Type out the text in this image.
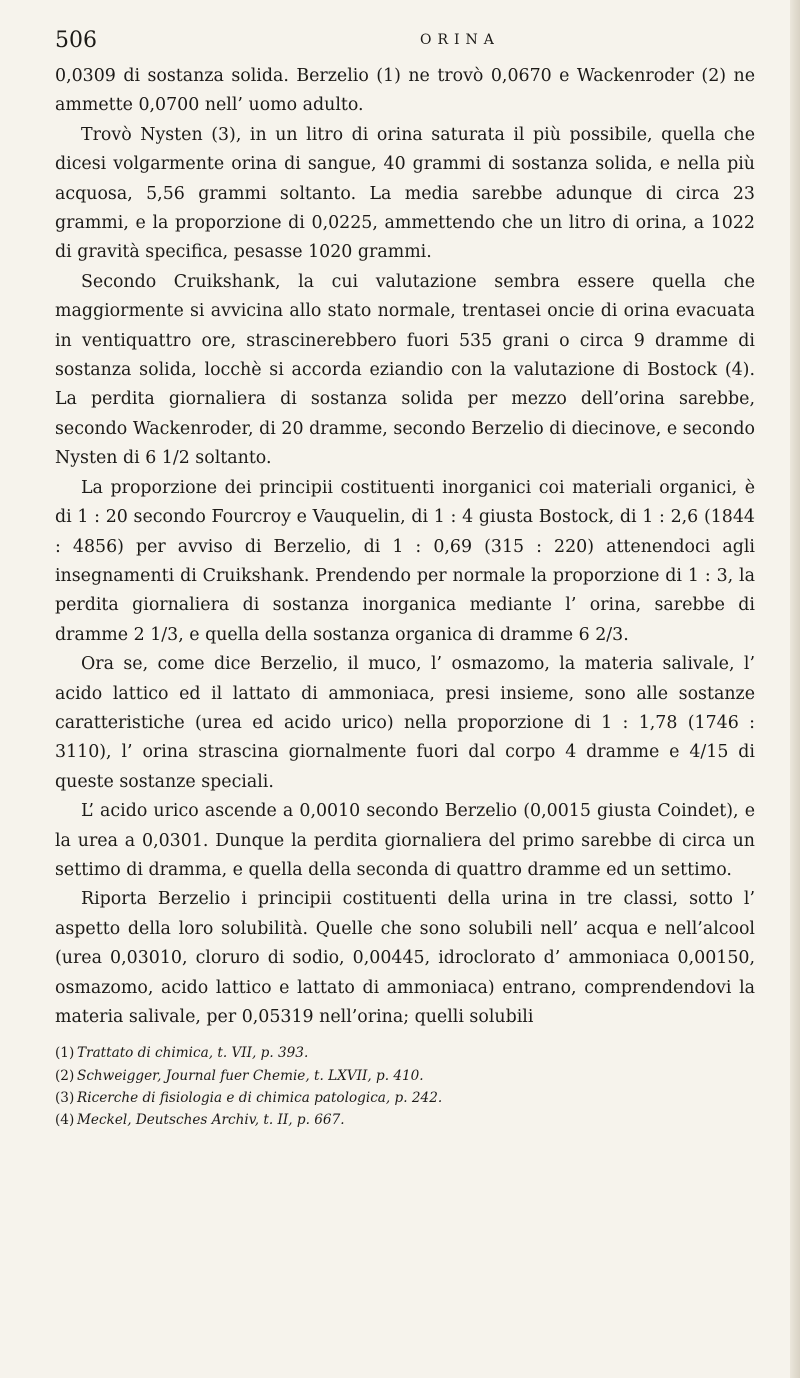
506	ORINA

0,0309 di sostanza solida. Berzelio (1) ne trovò 0,0670 e Wackenroder (2) ne ammette 0,0700 nell’ uomo adulto.

Trovò Nysten (3), in un litro di orina saturata il più possibile, quella che dicesi volgarmente orina di sangue, 40 grammi di sostanza solida, e nella più acquosa, 5,56 grammi soltanto. La media sarebbe adunque di circa 23 grammi, e la proporzione di 0,0225, ammettendo che un litro di orina, a 1022 di gravità specifica, pesasse 1020 grammi.

Secondo Cruikshank, la cui valutazione sembra essere quella che maggiormente si avvicina allo stato normale, trentasei oncie di orina evacuata in ventiquattro ore, strascinerebbero fuori 535 grani o circa 9 dramme di sostanza solida, locchè si accorda eziandio con la valutazione di Bostock (4). La perdita giornaliera di sostanza solida per mezzo dell’orina sarebbe, secondo Wackenroder, di 20 dramme, secondo Berzelio di diecinove, e secondo Nysten di 6 1/2 soltanto.

La proporzione dei principii costituenti inorganici coi materiali organici, è di 1 : 20 secondo Fourcroy e Vauquelin, di 1 : 4 giusta Bostock, di 1 : 2,6 (1844 : 4856) per avviso di Berzelio, di 1 : 0,69 (315 : 220) attenendoci agli insegnamenti di Cruikshank. Prendendo per normale la proporzione di 1 : 3, la perdita giornaliera di sostanza inorganica mediante l’ orina, sarebbe di dramme 2 1/3, e quella della sostanza organica di dramme 6 2/3.

Ora se, come dice Berzelio, il muco, l’ osmazomo, la materia salivale, l’ acido lattico ed il lattato di ammoniaca, presi insieme, sono alle sostanze caratteristiche (urea ed acido urico) nella proporzione di 1 : 1,78 (1746 : 3110), l’ orina strascina giornalmente fuori dal corpo 4 dramme e 4/15 di queste sostanze speciali.

L’ acido urico ascende a 0,0010 secondo Berzelio (0,0015 giusta Coindet), e la urea a 0,0301. Dunque la perdita giornaliera del primo sarebbe di circa un settimo di dramma, e quella della seconda di quattro dramme ed un settimo.

Riporta Berzelio i principii costituenti della urina in tre classi, sotto l’ aspetto della loro solubilità. Quelle che sono solubili nell’ acqua e nell’alcool (urea 0,03010, cloruro di sodio, 0,00445, idroclorato d’ ammoniaca 0,00150, osmazomo, acido lattico e lattato di ammoniaca) entrano, comprendendovi la materia salivale, per 0,05319 nell’orina; quelli solubili

(1) Trattato di chimica, t. VII, p. 393.
(2) Schweigger, Journal fuer Chemie, t. LXVII, p. 410.
(3) Ricerche di fisiologia e di chimica patologica, p. 242.
(4) Meckel, Deutsches Archiv, t. II, p. 667.
